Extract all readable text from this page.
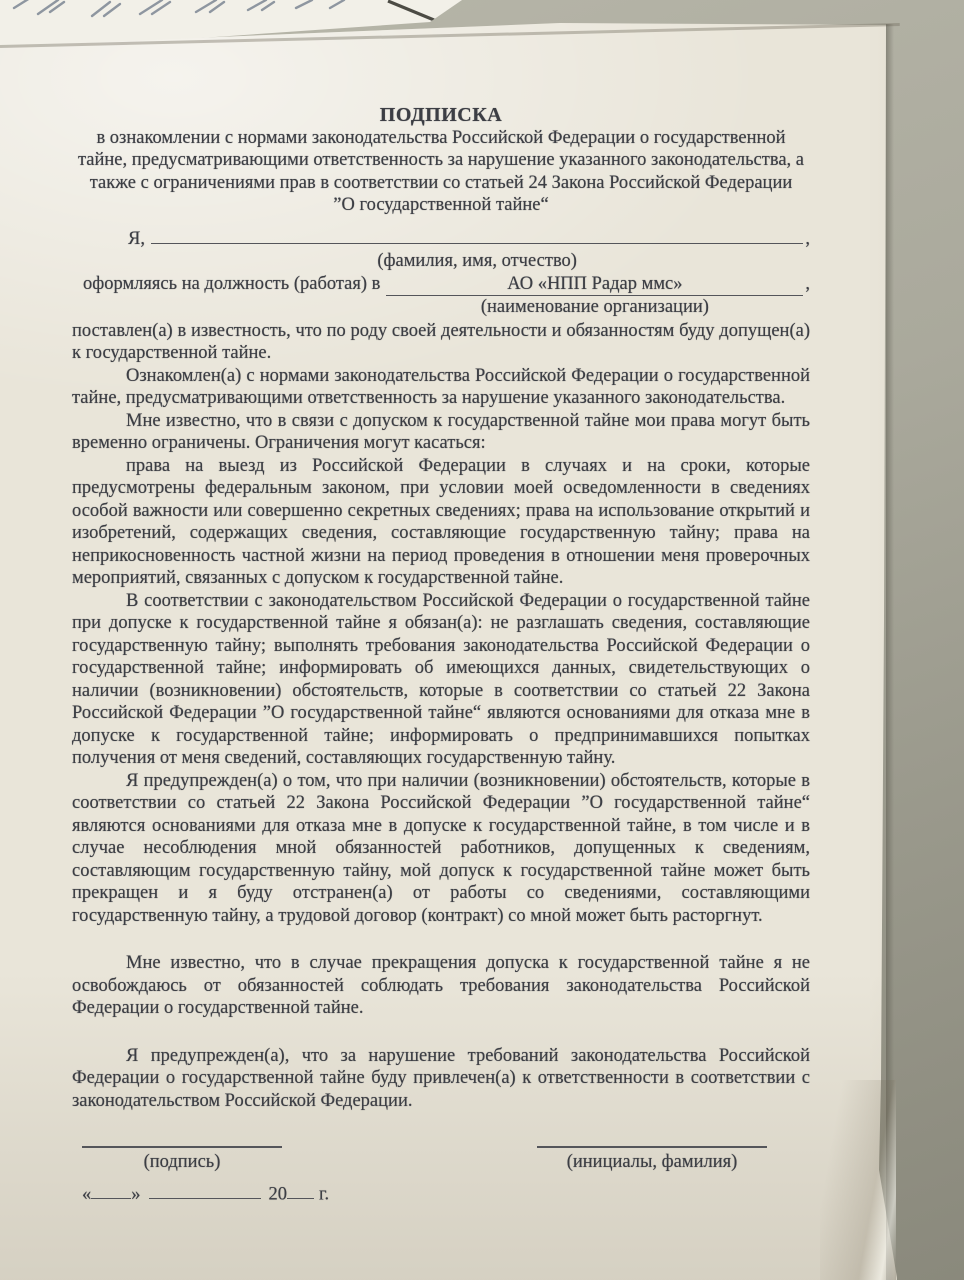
ПОДПИСКА
в ознакомлении с нормами законодательства Российской Федерации о государственной
тайне, предусматривающими ответственность за нарушение указанного законодательства, а
также с ограничениями прав в соответствии со статьей 24 Закона Российской Федерации
”О государственной тайне“
Я,	,
(фамилия, имя, отчество)
оформляясь на должность (работая) в	АО «НПП Радар ммс»	,
(наименование организации)

поставлен(а) в известность, что по роду своей деятельности и обязанностям буду допущен(а) к государственной тайне.

Ознакомлен(а) с нормами законодательства Российской Федерации о государственной тайне, предусматривающими ответственность за нарушение указанного законодательства.

Мне известно, что в связи с допуском к государственной тайне мои права могут быть временно ограничены. Ограничения могут касаться:

права на выезд из Российской Федерации в случаях и на сроки, которые предусмотрены федеральным законом, при условии моей осведомленности в сведениях особой важности или совершенно секретных сведениях; права на использование открытий и изобретений, содержащих сведения, составляющие государственную тайну; права на неприкосновенность частной жизни на период проведения в отношении меня проверочных мероприятий, связанных с допуском к государственной тайне.

В соответствии с законодательством Российской Федерации о государственной тайне при допуске к государственной тайне я обязан(а): не разглашать сведения, составляющие государственную тайну; выполнять требования законодательства Российской Федерации о государственной тайне; информировать об имеющихся данных, свидетельствующих о наличии (возникновении) обстоятельств, которые в соответствии со статьей 22 Закона Российской Федерации ”О государственной тайне“ являются основаниями для отказа мне в допуске к государственной тайне; информировать о предпринимавшихся попытках получения от меня сведений, составляющих государственную тайну.

Я предупрежден(а) о том, что при наличии (возникновении) обстоятельств, которые в соответствии со статьей 22 Закона Российской Федерации ”О государственной тайне“ являются основаниями для отказа мне в допуске к государственной тайне, в том числе и в случае несоблюдения мной обязанностей работников, допущенных к сведениям, составляющим государственную тайну, мой допуск к государственной тайне может быть прекращен и я буду отстранен(а) от работы со сведениями, составляющими государственную тайну, а трудовой договор (контракт) со мной может быть расторгнут.

Мне известно, что в случае прекращения допуска к государственной тайне я не освобождаюсь от обязанностей соблюдать требования законодательства Российской Федерации о государственной тайне.

Я предупрежден(а), что за нарушение требований законодательства Российской Федерации о государственной тайне буду привлечен(а) к ответственности в соответствии с законодательством Российской Федерации.

(подпись)	(инициалы, фамилия)
« »	20 г.
